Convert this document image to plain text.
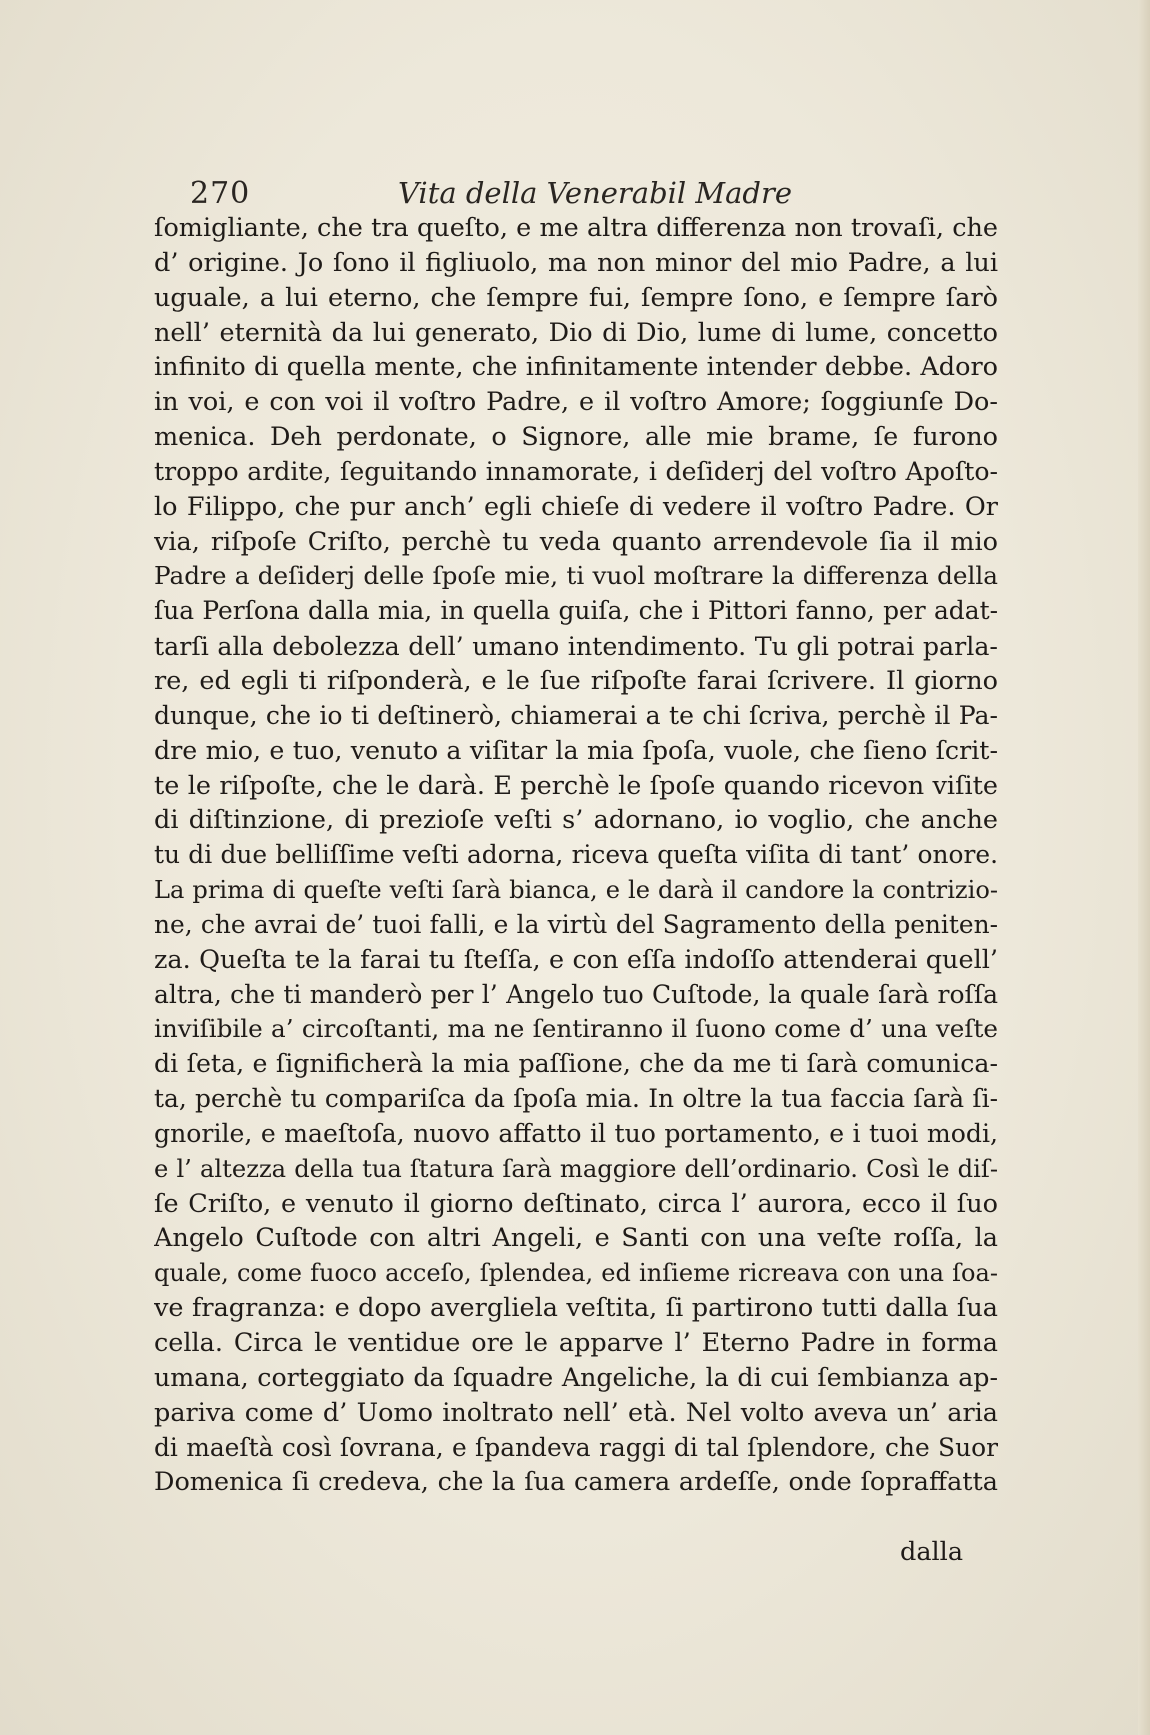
270	Vita della Venerabil Madre
ſomigliante, che tra queſto, e me altra differenza non trovaſi, che
d’ origine. Jo ſono il figliuolo, ma non minor del mio Padre, a lui
uguale, a lui eterno, che ſempre fui, ſempre ſono, e ſempre ſarò
nell’ eternità da lui generato, Dio di Dio, lume di lume, concetto
infinito di quella mente, che infinitamente intender debbe. Adoro
in voi, e con voi il voſtro Padre, e il voſtro Amore; ſoggiunſe Do-
menica. Deh perdonate, o Signore, alle mie brame, ſe furono
troppo ardite, ſeguitando innamorate, i deſiderj del voſtro Apoſto-
lo Filippo, che pur anch’ egli chieſe di vedere il voſtro Padre. Or
via, riſpoſe Criſto, perchè tu veda quanto arrendevole ſia il mio
Padre a deſiderj delle ſpoſe mie, ti vuol moſtrare la differenza della
ſua Perſona dalla mia, in quella guiſa, che i Pittori fanno, per adat-
tarſi alla debolezza dell’ umano intendimento. Tu gli potrai parla-
re, ed egli ti riſponderà, e le ſue riſpoſte farai ſcrivere. Il giorno
dunque, che io ti deſtinerò, chiamerai a te chi ſcriva, perchè il Pa-
dre mio, e tuo, venuto a viſitar la mia ſpoſa, vuole, che ſieno ſcrit-
te le riſpoſte, che le darà. E perchè le ſpoſe quando ricevon viſite
di diſtinzione, di prezioſe veſti s’ adornano, io voglio, che anche
tu di due belliſſime veſti adorna, riceva queſta viſita di tant’ onore.
La prima di queſte veſti ſarà bianca, e le darà il candore la contrizio-
ne, che avrai de’ tuoi falli, e la virtù del Sagramento della peniten-
za. Queſta te la farai tu ſteſſa, e con eſſa indoſſo attenderai quell’
altra, che ti manderò per l’ Angelo tuo Cuſtode, la quale ſarà roſſa
inviſibile a’ circoſtanti, ma ne ſentiranno il ſuono come d’ una veſte
di ſeta, e ſignificherà la mia paſſione, che da me ti ſarà comunica-
ta, perchè tu compariſca da ſpoſa mia. In oltre la tua faccia ſarà ſi-
gnorile, e maeſtoſa, nuovo affatto il tuo portamento, e i tuoi modi,
e l’ altezza della tua ſtatura ſarà maggiore dell’ordinario. Così le diſ-
ſe Criſto, e venuto il giorno deſtinato, circa l’ aurora, ecco il ſuo
Angelo Cuſtode con altri Angeli, e Santi con una veſte roſſa, la
quale, come fuoco acceſo, ſplendea, ed inſieme ricreava con una ſoa-
ve fragranza: e dopo avergliela veſtita, ſi partirono tutti dalla ſua
cella. Circa le ventidue ore le apparve l’ Eterno Padre in forma
umana, corteggiato da ſquadre Angeliche, la di cui ſembianza ap-
pariva come d’ Uomo inoltrato nell’ età. Nel volto aveva un’ aria
di maeſtà così ſovrana, e ſpandeva raggi di tal ſplendore, che Suor
Domenica ſi credeva, che la ſua camera ardeſſe, onde ſopraffatta
dalla
